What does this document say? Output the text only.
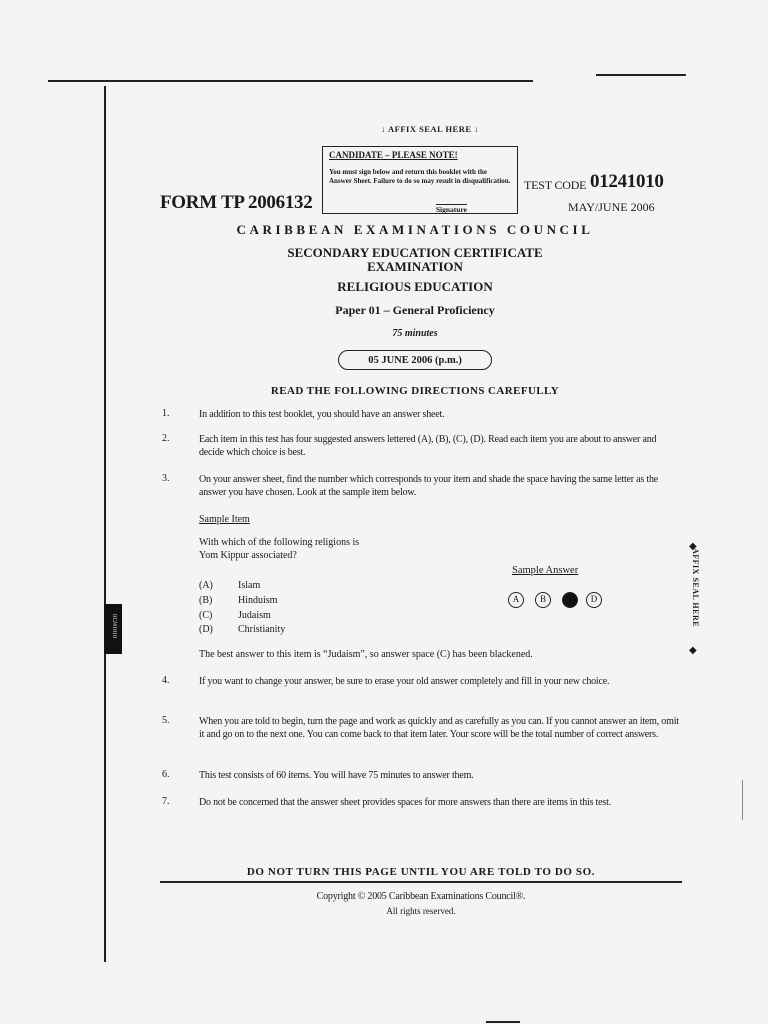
↓ AFFIX SEAL HERE ↓
CANDIDATE – PLEASE NOTE!
You must sign below and return this booklet with the Answer Sheet. Failure to do so may result in disqualification.
Signature
FORM TP 2006132
TEST CODE 01241010
MAY/JUNE 2006
CARIBBEAN EXAMINATIONS COUNCIL
SECONDARY EDUCATION CERTIFICATE
EXAMINATION
RELIGIOUS EDUCATION
Paper 01 – General Proficiency
75 minutes
05 JUNE 2006 (p.m.)
READ THE FOLLOWING DIRECTIONS CAREFULLY
1.	In addition to this test booklet, you should have an answer sheet.
2.	Each item in this test has four suggested answers lettered (A), (B), (C), (D). Read each item you are about to answer and decide which choice is best.
3.	On your answer sheet, find the number which corresponds to your item and shade the space having the same letter as the answer you have chosen. Look at the sample item below.
Sample Item
With which of the following religions is
Yom Kippur associated?
(A)	Islam
(B)	Hinduism
(C)	Judaism
(D)	Christianity
Sample Answer
A	B	D
The best answer to this item is “Judaism”, so answer space (C) has been blackened.
4.	If you want to change your answer, be sure to erase your old answer completely and fill in your new choice.
5.	When you are told to begin, turn the page and work as quickly and as carefully as you can. If you cannot answer an item, omit it and go on to the next one. You can come back to that item later. Your score will be the total number of correct answers.
6.	This test consists of 60 items. You will have 75 minutes to answer them.
7.	Do not be concerned that the answer sheet provides spaces for more answers than there are items in this test.
DO NOT TURN THIS PAGE UNTIL YOU ARE TOLD TO DO SO.
Copyright © 2005 Caribbean Examinations Council®.
All rights reserved.
◆
AFFIX SEAL HERE
◆
01241010
